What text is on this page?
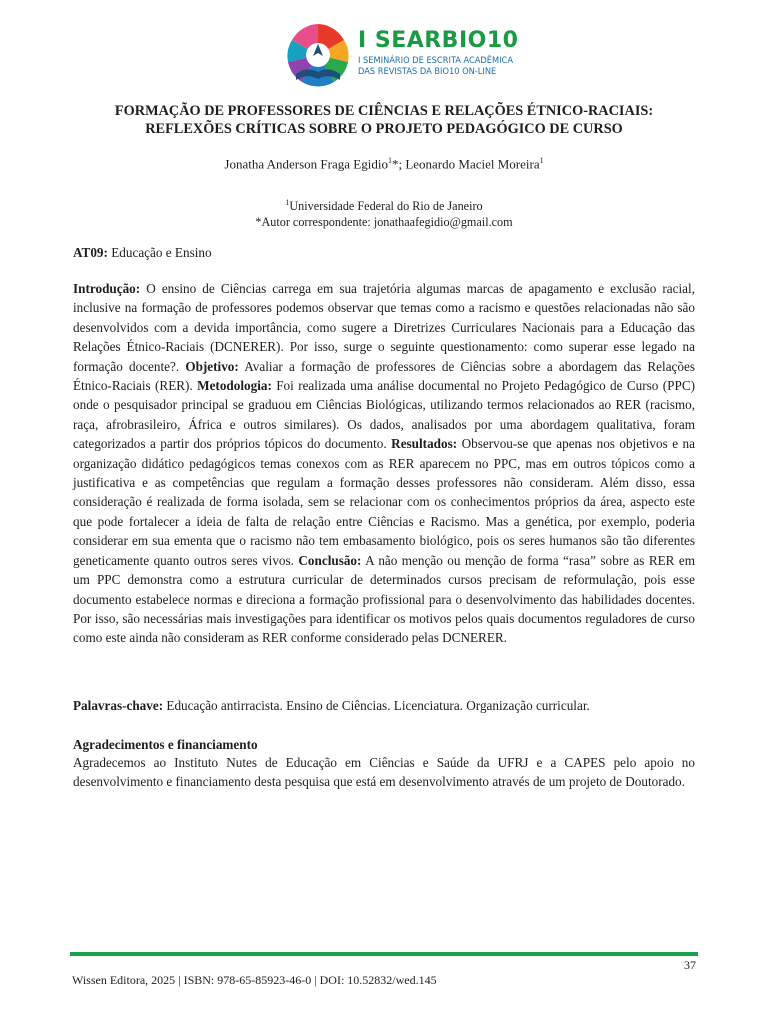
I SEARBIO10
I SEMINÁRIO DE ESCRITA ACADÊMICA
DAS REVISTAS DA BIO10 ON-LINE
FORMAÇÃO DE PROFESSORES DE CIÊNCIAS E RELAÇÕES ÉTNICO-RACIAIS:
REFLEXÕES CRÍTICAS SOBRE O PROJETO PEDAGÓGICO DE CURSO
Jonatha Anderson Fraga Egidio$^1$*; Leonardo Maciel Moreira$^1$
$^1$Universidade Federal do Rio de Janeiro
*Autor correspondente: jonathaafegidio@gmail.com
AT09: Educação e Ensino
Introdução: O ensino de Ciências carrega em sua trajetória algumas marcas de apagamento e exclusão racial, inclusive na formação de professores podemos observar que temas como a racismo e questões relacionadas não são desenvolvidos com a devida importância, como sugere a Diretrizes Curriculares Nacionais para a Educação das Relações Étnico-Raciais (DCNERER). Por isso, surge o seguinte questionamento: como superar esse legado na formação docente?. Objetivo: Avaliar a formação de professores de Ciências sobre a abordagem das Relações Étnico-Raciais (RER). Metodologia: Foi realizada uma análise documental no Projeto Pedagógico de Curso (PPC) onde o pesquisador principal se graduou em Ciências Biológicas, utilizando termos relacionados ao RER (racismo, raça, afrobrasileiro, África e outros similares). Os dados, analisados por uma abordagem qualitativa, foram categorizados a partir dos próprios tópicos do documento. Resultados: Observou-se que apenas nos objetivos e na organização didático pedagógicos temas conexos com as RER aparecem no PPC, mas em outros tópicos como a justificativa e as competências que regulam a formação desses professores não consideram. Além disso, essa consideração é realizada de forma isolada, sem se relacionar com os conhecimentos próprios da área, aspecto este que pode fortalecer a ideia de falta de relação entre Ciências e Racismo. Mas a genética, por exemplo, poderia considerar em sua ementa que o racismo não tem embasamento biológico, pois os seres humanos são tão diferentes geneticamente quanto outros seres vivos. Conclusão: A não menção ou menção de forma “rasa” sobre as RER em um PPC demonstra como a estrutura curricular de determinados cursos precisam de reformulação, pois esse documento estabelece normas e direciona a formação profissional para o desenvolvimento das habilidades docentes. Por isso, são necessárias mais investigações para identificar os motivos pelos quais documentos reguladores de curso como este ainda não consideram as RER conforme considerado pelas DCNERER.
Palavras-chave: Educação antirracista. Ensino de Ciências. Licenciatura. Organização curricular.
Agradecimentos e financiamento
Agradecemos ao Instituto Nutes de Educação em Ciências e Saúde da UFRJ e a CAPES pelo apoio no desenvolvimento e financiamento desta pesquisa que está em desenvolvimento através de um projeto de Doutorado.
37
Wissen Editora, 2025 | ISBN: 978-65-85923-46-0 | DOI: 10.52832/wed.145
